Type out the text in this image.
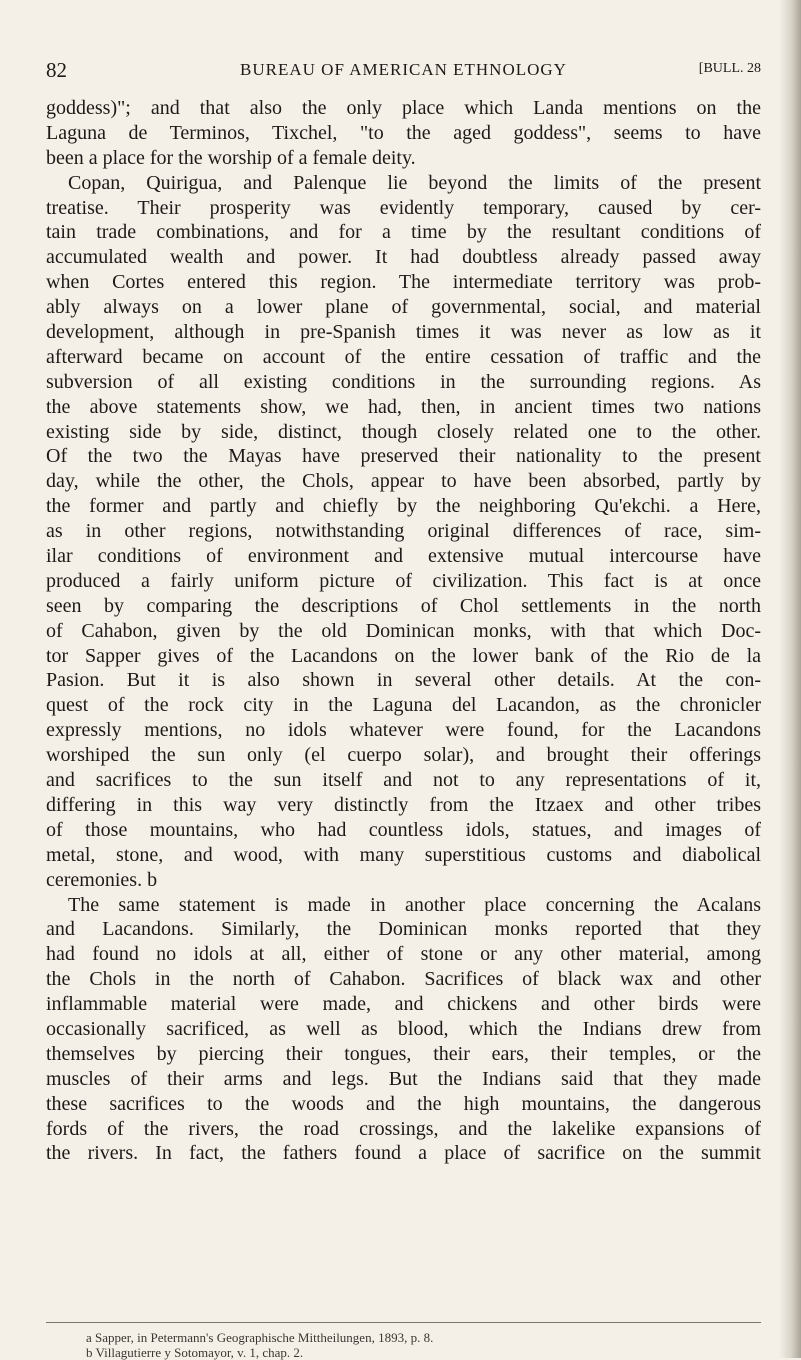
82	BUREAU OF AMERICAN ETHNOLOGY	[BULL. 28
goddess)"; and that also the only place which Landa mentions on the
Laguna de Terminos, Tixchel, "to the aged goddess", seems to have
been a place for the worship of a female deity.
Copan, Quirigua, and Palenque lie beyond the limits of the present
treatise. Their prosperity was evidently temporary, caused by cer-
tain trade combinations, and for a time by the resultant conditions of
accumulated wealth and power. It had doubtless already passed away
when Cortes entered this region. The intermediate territory was prob-
ably always on a lower plane of governmental, social, and material
development, although in pre-Spanish times it was never as low as it
afterward became on account of the entire cessation of traffic and the
subversion of all existing conditions in the surrounding regions. As
the above statements show, we had, then, in ancient times two nations
existing side by side, distinct, though closely related one to the other.
Of the two the Mayas have preserved their nationality to the present
day, while the other, the Chols, appear to have been absorbed, partly by
the former and partly and chiefly by the neighboring Qu'ekchi. a Here,
as in other regions, notwithstanding original differences of race, sim-
ilar conditions of environment and extensive mutual intercourse have
produced a fairly uniform picture of civilization. This fact is at once
seen by comparing the descriptions of Chol settlements in the north
of Cahabon, given by the old Dominican monks, with that which Doc-
tor Sapper gives of the Lacandons on the lower bank of the Rio de la
Pasion. But it is also shown in several other details. At the con-
quest of the rock city in the Laguna del Lacandon, as the chronicler
expressly mentions, no idols whatever were found, for the Lacandons
worshiped the sun only (el cuerpo solar), and brought their offerings
and sacrifices to the sun itself and not to any representations of it,
differing in this way very distinctly from the Itzaex and other tribes
of those mountains, who had countless idols, statues, and images of
metal, stone, and wood, with many superstitious customs and diabolical
ceremonies. b
The same statement is made in another place concerning the Acalans
and Lacandons. Similarly, the Dominican monks reported that they
had found no idols at all, either of stone or any other material, among
the Chols in the north of Cahabon. Sacrifices of black wax and other
inflammable material were made, and chickens and other birds were
occasionally sacrificed, as well as blood, which the Indians drew from
themselves by piercing their tongues, their ears, their temples, or the
muscles of their arms and legs. But the Indians said that they made
these sacrifices to the woods and the high mountains, the dangerous
fords of the rivers, the road crossings, and the lakelike expansions of
the rivers. In fact, the fathers found a place of sacrifice on the summit
a Sapper, in Petermann's Geographische Mittheilungen, 1893, p. 8.
b Villagutierre y Sotomayor, v. 1, chap. 2.
